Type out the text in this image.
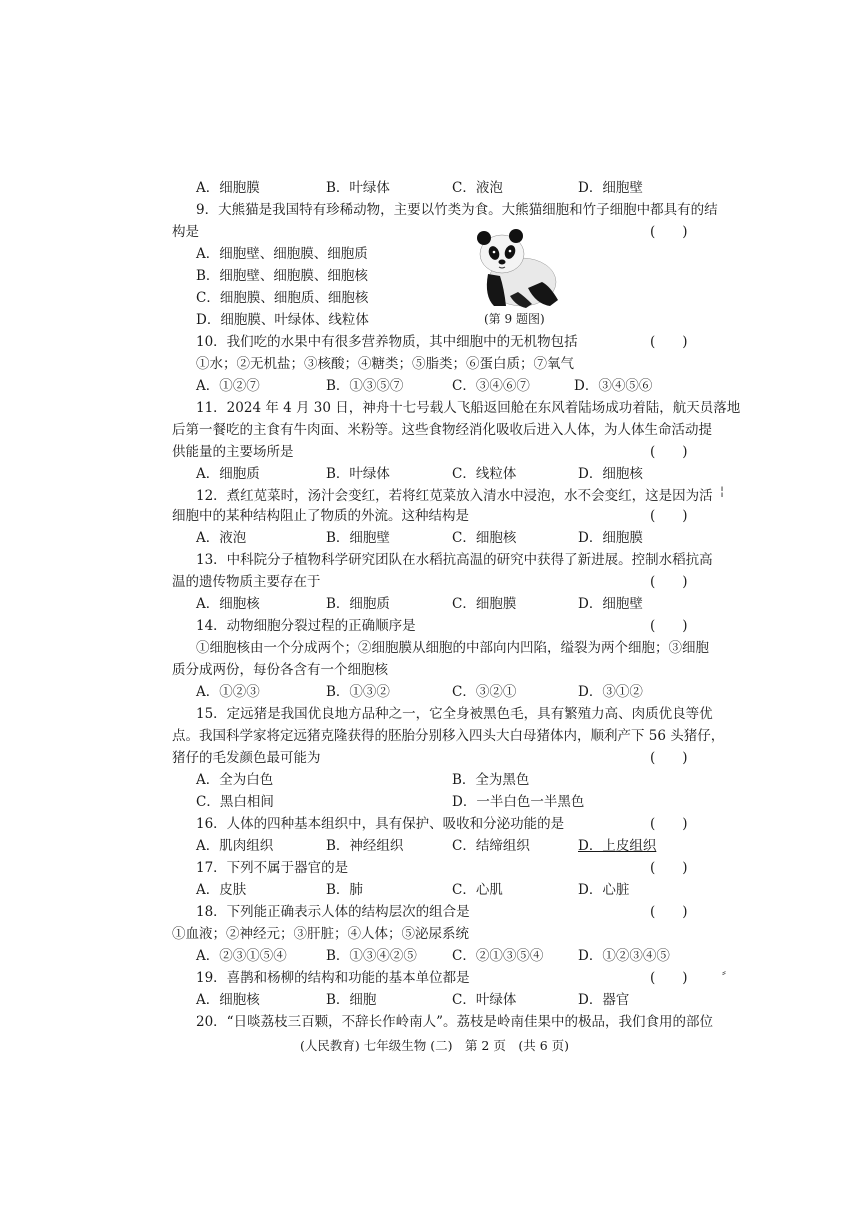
A．细胞膜	B．叶绿体	C．液泡	D．细胞壁
9．大熊猫是我国特有珍稀动物，主要以竹类为食。大熊猫细胞和竹子细胞中都具有的结
构是	(　　)
A．细胞壁、细胞膜、细胞质
B．细胞壁、细胞膜、细胞核
C．细胞膜、细胞质、细胞核
D．细胞膜、叶绿体、线粒体	(第 9 题图)
10．我们吃的水果中有很多营养物质，其中细胞中的无机物包括	(　　)
①水；②无机盐；③核酸；④糖类；⑤脂类；⑥蛋白质；⑦氧气
A．①②⑦	B．①③⑤⑦	C．③④⑥⑦	D．③④⑤⑥
11．2024 年 4 月 30 日，神舟十七号载人飞船返回舱在东风着陆场成功着陆，航天员落地
后第一餐吃的主食有牛肉面、米粉等。这些食物经消化吸收后进入人体，为人体生命活动提
供能量的主要场所是	(　　)
A．细胞质	B．叶绿体	C．线粒体	D．细胞核
12．煮红苋菜时，汤汁会变红，若将红苋菜放入清水中浸泡，水不会变红，这是因为活
细胞中的某种结构阻止了物质的外流。这种结构是	(　　)
A．液泡	B．细胞壁	C．细胞核	D．细胞膜
13．中科院分子植物科学研究团队在水稻抗高温的研究中获得了新进展。控制水稻抗高
温的遗传物质主要存在于	(　　)
A．细胞核	B．细胞质	C．细胞膜	D．细胞壁
14．动物细胞分裂过程的正确顺序是	(　　)
①细胞核由一个分成两个；②细胞膜从细胞的中部向内凹陷，缢裂为两个细胞；③细胞
质分成两份，每份各含有一个细胞核
A．①②③	B．①③②	C．③②①	D．③①②
15．定远猪是我国优良地方品种之一，它全身被黑色毛，具有繁殖力高、肉质优良等优
点。我国科学家将定远猪克隆获得的胚胎分别移入四头大白母猪体内，顺利产下 56 头猪仔，
猪仔的毛发颜色最可能为	(　　)
A．全为白色	B．全为黑色
C．黑白相间	D．一半白色一半黑色
16．人体的四种基本组织中，具有保护、吸收和分泌功能的是	(　　)
A．肌肉组织	B．神经组织	C．结缔组织	D．上皮组织
17．下列不属于器官的是	(　　)
A．皮肤	B．肺	C．心肌	D．心脏
18．下列能正确表示人体的结构层次的组合是	(　　)
①血液；②神经元；③肝脏；④人体；⑤泌尿系统
A．②③①⑤④	B．①③④②⑤	C．②①③⑤④	D．①②③④⑤
19．喜鹊和杨柳的结构和功能的基本单位都是	(　　)
A．细胞核	B．细胞	C．叶绿体	D．器官
20．“日啖荔枝三百颗，不辞长作岭南人”。荔枝是岭南佳果中的极品，我们食用的部位
(人民教育) 七年级生物 (二)　第 2 页　(共 6 页)
¦
⸗
